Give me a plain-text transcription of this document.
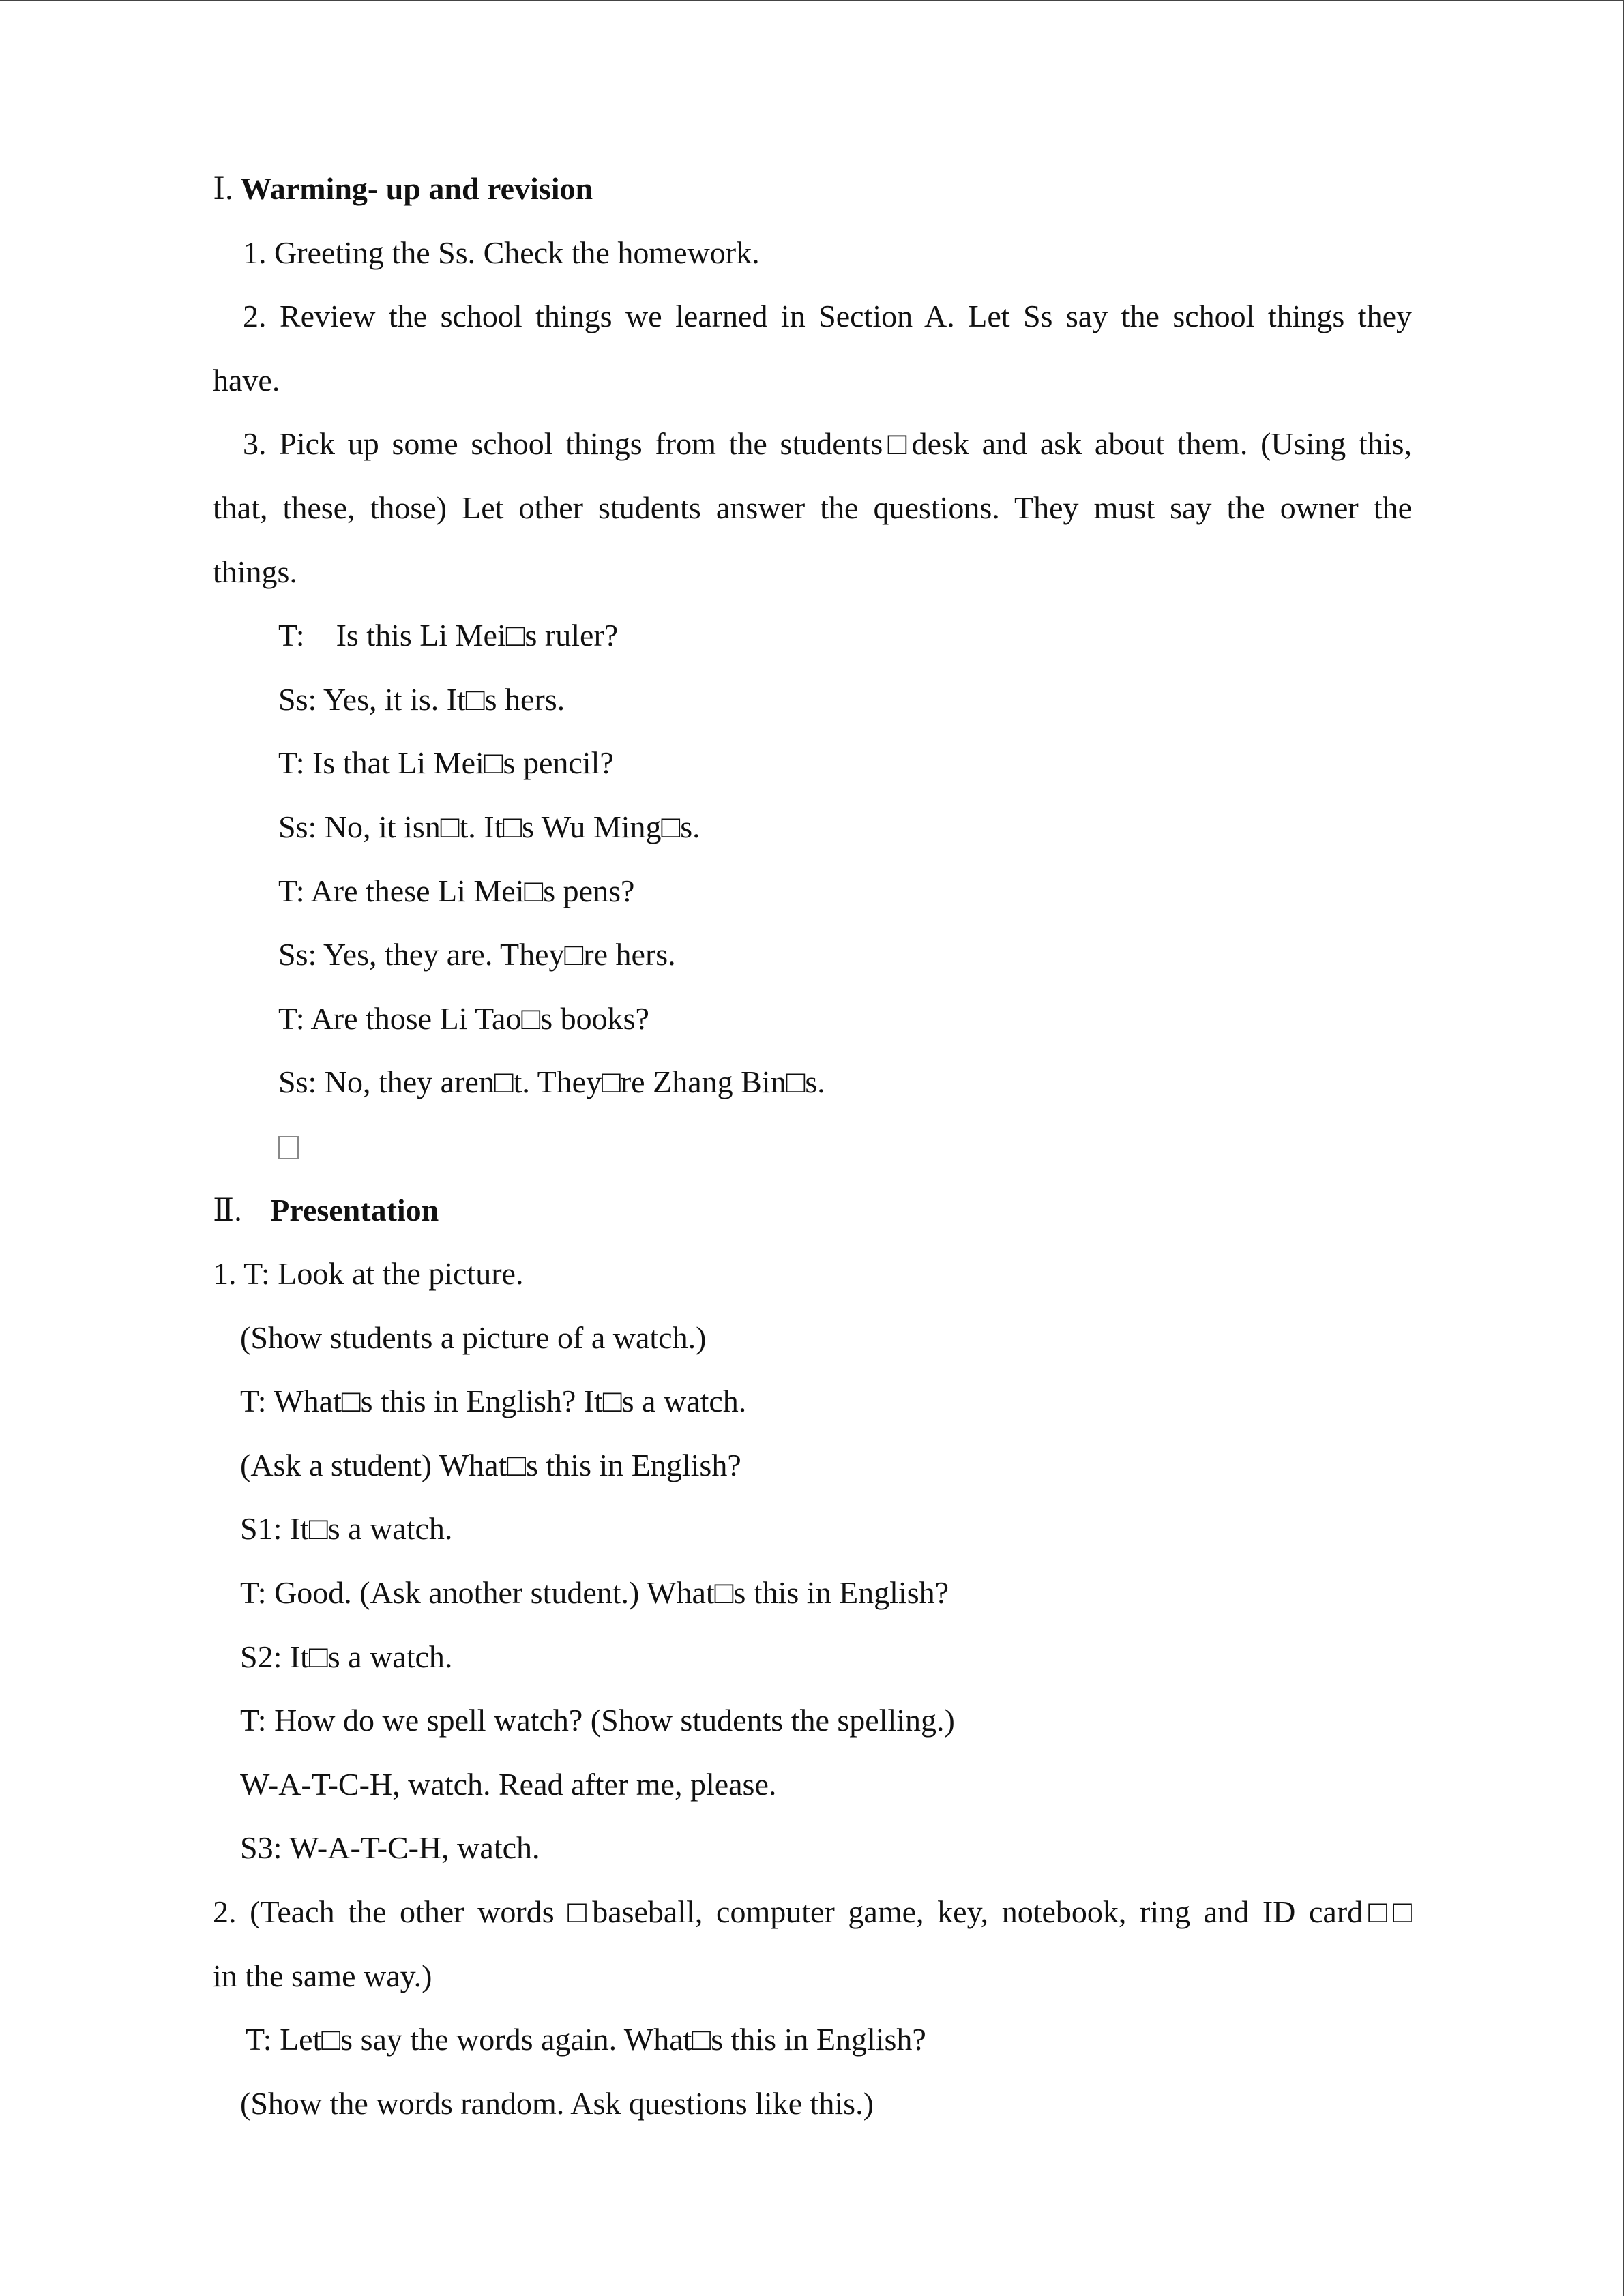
Ⅰ. Warming- up and revision
1. Greeting the Ss. Check the homework.
2. Review the school things we learned in Section A. Let Ss say the school things they
have.
3. Pick up some school things from the students□desk and ask about them. (Using this,
that, these, those) Let other students answer the questions. They must say the owner the
things.
T:    Is this Li Mei□s ruler?
Ss: Yes, it is. It□s hers.
T: Is that Li Mei□s pencil?
Ss: No, it isn□t. It□s Wu Ming□s.
T: Are these Li Mei□s pens?
Ss: Yes, they are. They□re hers.
T: Are those Li Tao□s books?
Ss: No, they aren□t. They□re Zhang Bin□s.
Ⅱ. Presentation
1. T: Look at the picture.
(Show students a picture of a watch.)
T: What□s this in English? It□s a watch.
(Ask a student) What□s this in English?
S1: It□s a watch.
T: Good. (Ask another student.) What□s this in English?
S2: It□s a watch.
T: How do we spell watch? (Show students the spelling.)
W-A-T-C-H, watch. Read after me, please.
S3: W-A-T-C-H, watch.
2. (Teach the other words □baseball, computer game, key, notebook, ring and ID card□□
in the same way.)
T: Let□s say the words again. What□s this in English?
(Show the words random. Ask questions like this.)
